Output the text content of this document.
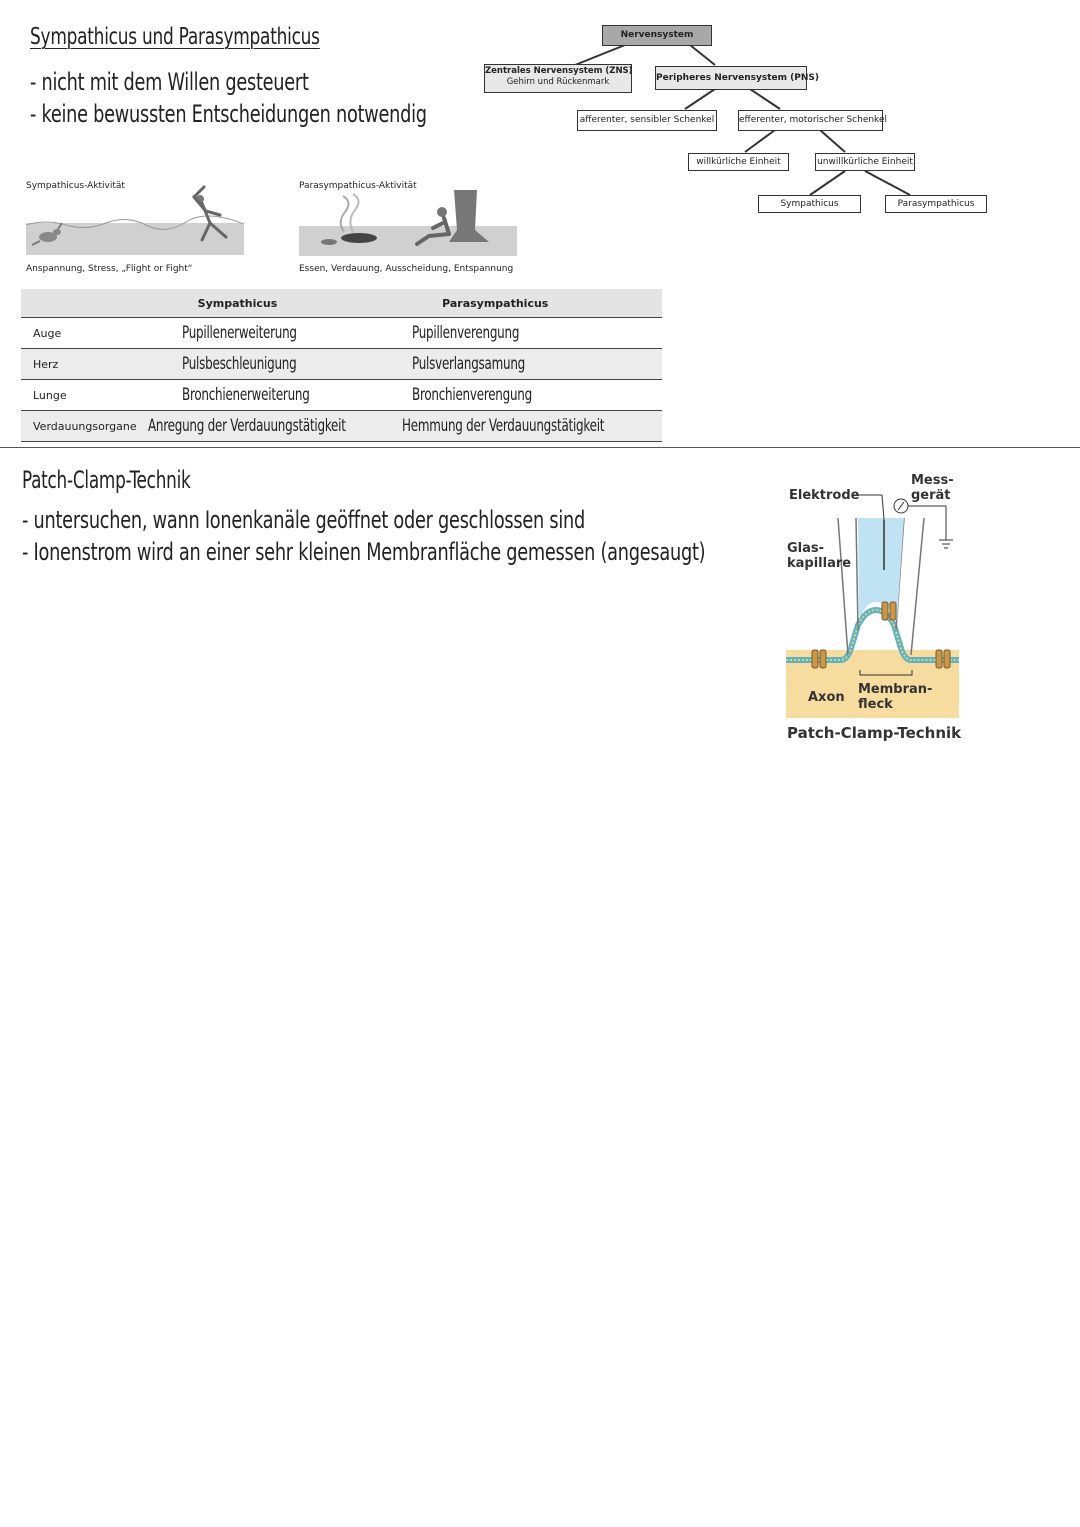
Sympathicus und Parasympathicus
- nicht mit dem Willen gesteuert
- keine bewussten Entscheidungen notwendig
Nervensystem
Zentrales Nervensystem (ZNS)
Gehirn und Rückenmark	Peripheres Nervensystem (PNS)
afferenter, sensibler Schenkel	efferenter, motorischer Schenkel
willkürliche Einheit	unwillkürliche Einheit
Sympathicus	Parasympathicus
Sympathicus-Aktivität
Anspannung, Stress, „Flight or Fight“
Parasympathicus-Aktivität
Essen, Verdauung, Ausscheidung, Entspannung
	Sympathicus	Parasympathicus
Auge	Pupillenerweiterung	Pupillenverengung
Herz	Pulsbeschleunigung	Pulsverlangsamung
Lunge	Bronchienerweiterung	Bronchienverengung
Verdauungsorgane	Anregung der Verdauungstätigkeit	Hemmung der Verdauungstätigkeit
Patch-Clamp-Technik
- untersuchen, wann Ionenkanäle geöffnet oder geschlossen sind
- Ionenstrom wird an einer sehr kleinen Membranfläche gemessen (angesaugt)
Elektrode
Mess-
gerät
Glas-
kapillare
Axon
Membran-
fleck
Patch-Clamp-Technik
